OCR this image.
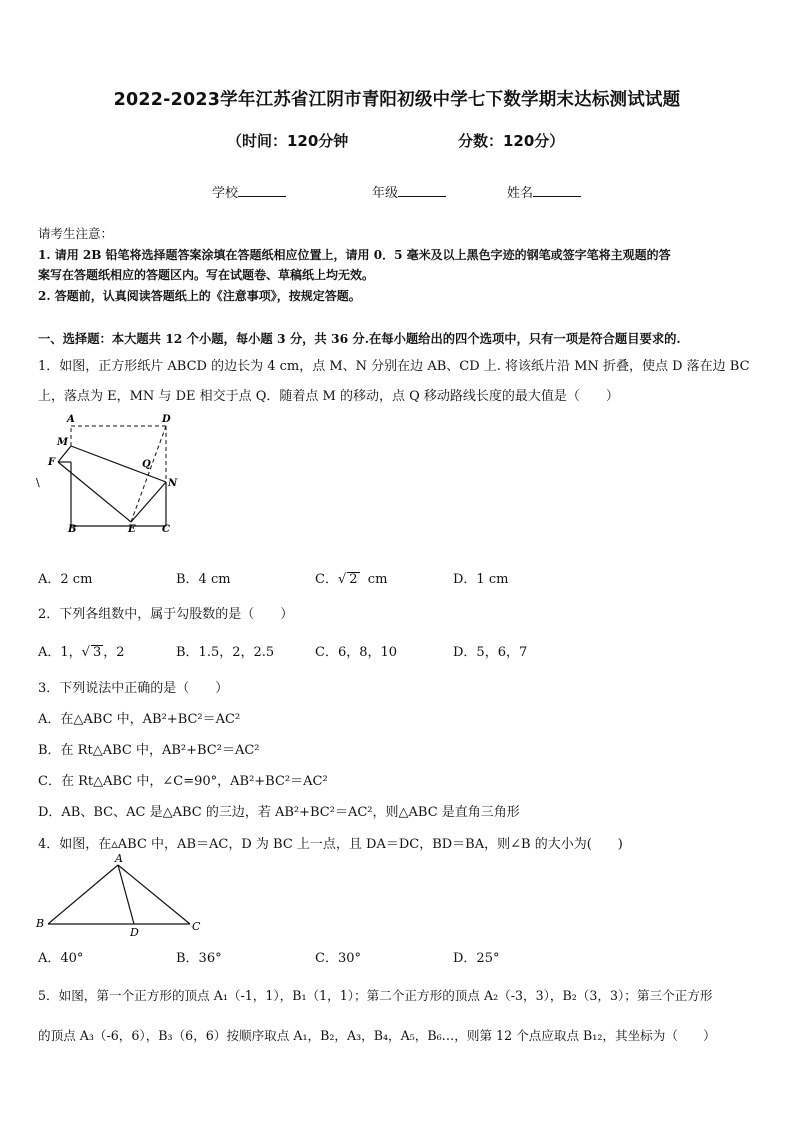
2022-2023学年江苏省江阴市青阳初级中学七下数学期末达标测试试题
（时间：120分钟	分数：120分）
学校	年级	姓名
请考生注意：
1. 请用 2B 铅笔将选择题答案涂填在答题纸相应位置上，请用 0．5 毫米及以上黑色字迹的钢笔或签字笔将主观题的答
案写在答题纸相应的答题区内。写在试题卷、草稿纸上均无效。
2. 答题前，认真阅读答题纸上的《注意事项》，按规定答题。
一、选择题：本大题共 12 个小题，每小题 3 分，共 36 分.在每小题给出的四个选项中，只有一项是符合题目要求的.
1．如图，正方形纸片 ABCD 的边长为 4 cm，点 M、N 分别在边 AB、CD 上. 将该纸片沿 MN 折叠，使点 D 落在边 BC
上，落点为 E，MN 与 DE 相交于点 Q．随着点 M 的移动，点 Q 移动路线长度的最大值是（　　）
A	D
M
F	Q
N
B	E	C
\
A．2 cm	B．4 cm	C．√ 2 cm	D．1 cm
2．下列各组数中，属于勾股数的是（　　）
A．1，√ 3 ，2	B．1.5，2，2.5	C．6，8，10	D．5，6，7
3．下列说法中正确的是（　　）
A．在△ABC 中，AB²+BC²＝AC²
B．在 Rt△ABC 中，AB²+BC²＝AC²
C．在 Rt△ABC 中，∠C=90°，AB²+BC²＝AC²
D．AB、BC、AC 是△ABC 的三边，若 AB²+BC²＝AC²，则△ABC 是直角三角形
4．如图，在▵ABC 中，AB＝AC，D 为 BC 上一点，且 DA＝DC，BD＝BA，则∠B 的大小为(　　)
A
B	C
D
A．40°	B．36°	C．30°	D．25°
5．如图，第一个正方形的顶点 A₁（-1，1），B₁（1，1）；第二个正方形的顶点 A₂（-3，3），B₂（3，3）；第三个正方形
的顶点 A₃（-6，6），B₃（6，6）按顺序取点 A₁，B₂，A₃，B₄，A₅，B₆…，则第 12 个点应取点 B₁₂，其坐标为（　　）
